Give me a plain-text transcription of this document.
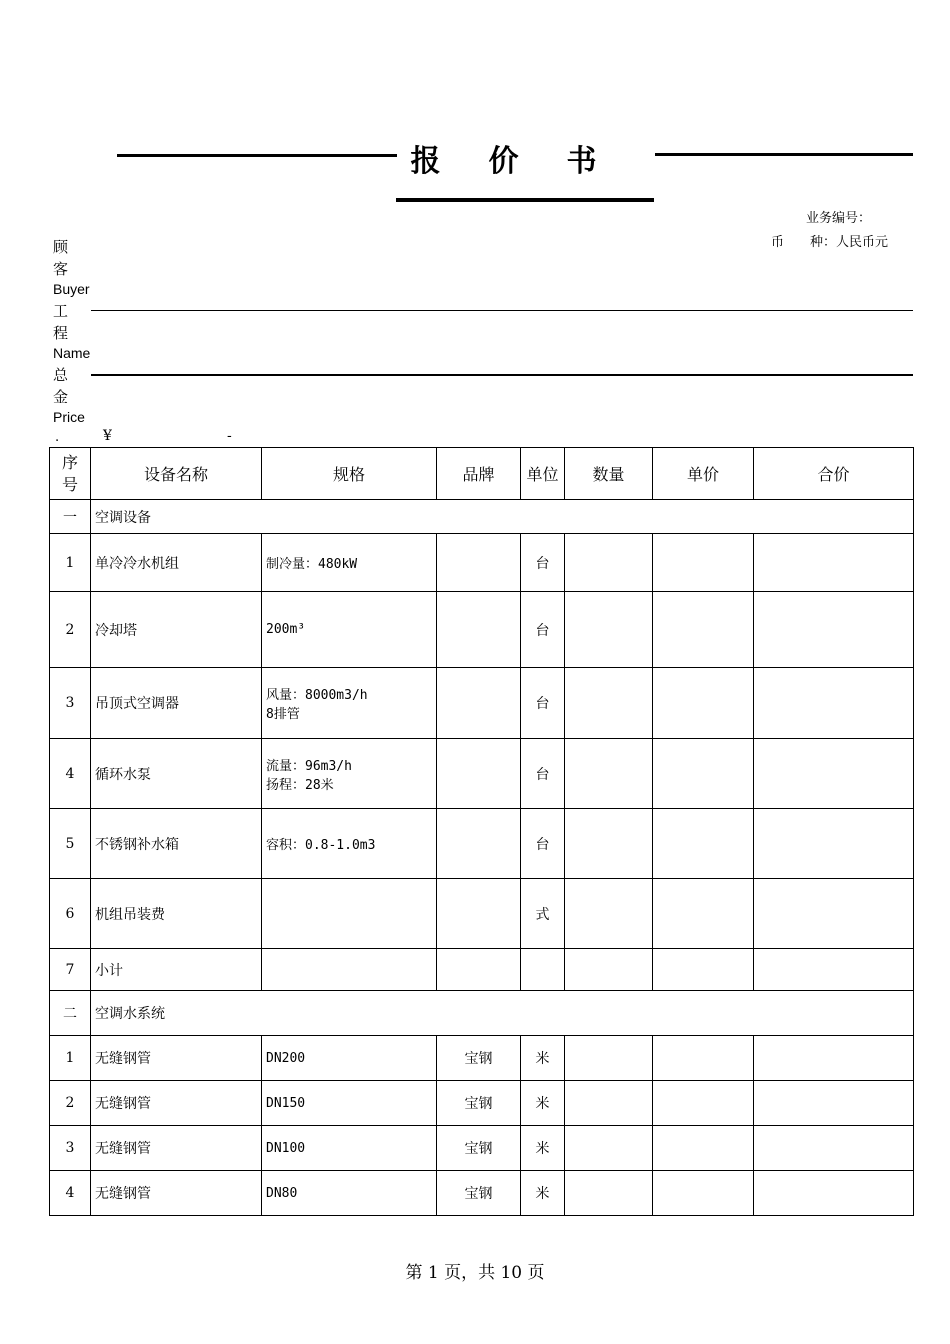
报价书
业务编号：
币　　种：人民币元
顾客
Buyer
工程
Name
总金
Price
.	¥	-
序号	设备名称	规格	品牌	单位	数量	单价	合价
一	空调设备						
1	单冷冷水机组	制冷量：480kW		台			
2	冷却塔	200m³		台			
3	吊顶式空调器	风量：8000m3/h
8排管		台			
4	循环水泵	流量：96m3/h
扬程：28米		台			
5	不锈钢补水箱	容积：0.8-1.0m3		台			
6	机组吊装费			式			
7	小计	

二	空调水系统						
1	无缝钢管	DN200	宝钢	米			
2	无缝钢管	DN150	宝钢	米			
3	无缝钢管	DN100	宝钢	米			
4	无缝钢管	DN80	宝钢	米			
第 1 页，共 10 页
